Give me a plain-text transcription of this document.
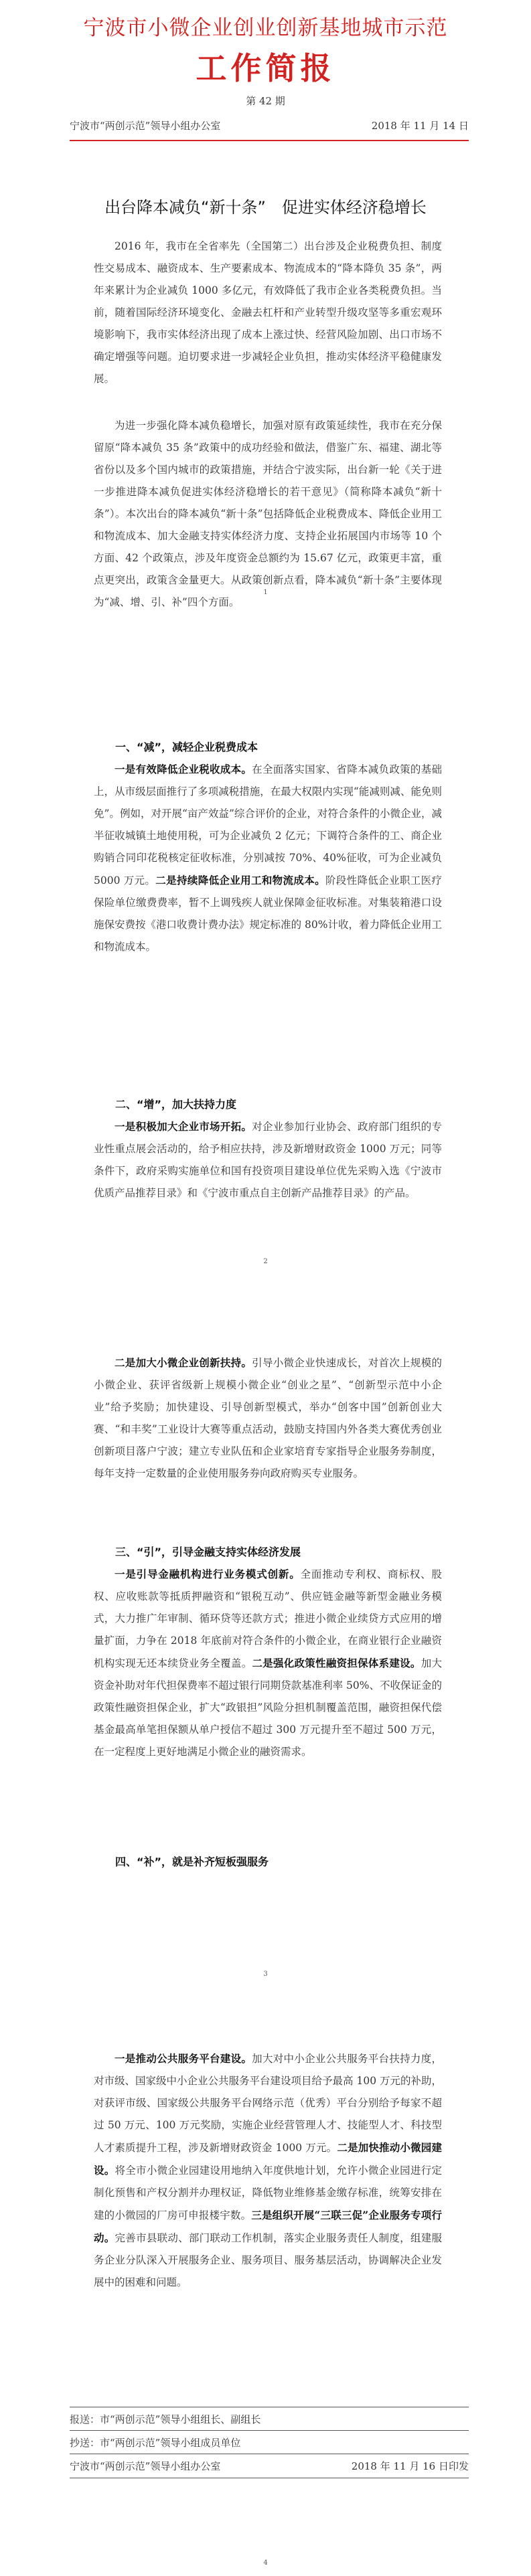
宁波市小微企业创业创新基地城市示范
工作简报
第 42 期
宁波市“两创示范”领导小组办公室	2018 年 11 月 14 日
出台降本减负“新十条”　促进实体经济稳增长

2016 年，我市在全省率先（全国第二）出台涉及企业税费负担、制度性交易成本、融资成本、生产要素成本、物流成本的“降本降负 35 条”，两年来累计为企业减负 1000 多亿元，有效降低了我市企业各类税费负担。当前，随着国际经济环境变化、金融去杠杆和产业转型升级攻坚等多重宏观环境影响下，我市实体经济出现了成本上涨过快、经营风险加剧、出口市场不确定增强等问题。迫切要求进一步减轻企业负担，推动实体经济平稳健康发展。

为进一步强化降本减负稳增长，加强对原有政策延续性，我市在充分保留原“降本减负 35 条”政策中的成功经验和做法，借鉴广东、福建、湖北等省份以及多个国内城市的政策措施，并结合宁波实际，出台新一轮《关于进一步推进降本减负促进实体经济稳增长的若干意见》（简称降本减负“新十条”）。本次出台的降本减负“新十条”包括降低企业税费成本、降低企业用工和物流成本、加大金融支持实体经济力度、支持企业拓展国内市场等 10 个方面、42 个政策点，涉及年度资金总额约为 15.67 亿元，政策更丰富，重点更突出，政策含金量更大。从政策创新点看，降本减负“新十条”主要体现为“减、增、引、补”四个方面。

1

一、“减”，减轻企业税费成本

一是有效降低企业税收成本。在全面落实国家、省降本减负政策的基础上，从市级层面推行了多项减税措施，在最大权限内实现“能减则减、能免则免”。例如，对开展“亩产效益”综合评价的企业，对符合条件的小微企业，减半征收城镇土地使用税，可为企业减负 2 亿元；下调符合条件的工、商企业购销合同印花税核定征收标准，分别减按 70%、40%征收，可为企业减负 5000 万元。二是持续降低企业用工和物流成本。阶段性降低企业职工医疗保险单位缴费费率，暂不上调残疾人就业保障金征收标准。对集装箱港口设施保安费按《港口收费计费办法》规定标准的 80%计收，着力降低企业用工和物流成本。

二、“增”，加大扶持力度

一是积极加大企业市场开拓。对企业参加行业协会、政府部门组织的专业性重点展会活动的，给予相应扶持，涉及新增财政资金 1000 万元；同等条件下，政府采购实施单位和国有投资项目建设单位优先采购入选《宁波市优质产品推荐目录》和《宁波市重点自主创新产品推荐目录》的产品。

2

二是加大小微企业创新扶持。引导小微企业快速成长，对首次上规模的小微企业、获评省级新上规模小微企业“创业之星”、“创新型示范中小企业”给予奖励；加快建设、引导创新型模式，举办“创客中国”创新创业大赛、“和丰奖”工业设计大赛等重点活动，鼓励支持国内外各类大赛优秀创业创新项目落户宁波；建立专业队伍和企业家培育专家指导企业服务券制度，每年支持一定数量的企业使用服务券向政府购买专业服务。

三、“引”，引导金融支持实体经济发展

一是引导金融机构进行业务模式创新。全面推动专利权、商标权、股权、应收账款等抵质押融资和“银税互动”、供应链金融等新型金融业务模式，大力推广年审制、循环贷等还款方式；推进小微企业续贷方式应用的增量扩面，力争在 2018 年底前对符合条件的小微企业，在商业银行企业融资机构实现无还本续贷业务全覆盖。二是强化政策性融资担保体系建设。加大资金补助对年代担保费率不超过银行同期贷款基准利率 50%、不收保证金的政策性融资担保企业，扩大“政银担”风险分担机制覆盖范围，融资担保代偿基金最高单笔担保额从单户授信不超过 300 万元提升至不超过 500 万元，在一定程度上更好地满足小微企业的融资需求。

四、“补”，就是补齐短板强服务

3

一是推动公共服务平台建设。加大对中小企业公共服务平台扶持力度，对市级、国家级中小企业公共服务平台建设项目给予最高 100 万元的补助，对获评市级、国家级公共服务平台网络示范（优秀）平台分别给予每家不超过 50 万元、100 万元奖励，实施企业经营管理人才、技能型人才、科技型人才素质提升工程，涉及新增财政资金 1000 万元。二是加快推动小微园建设。将全市小微企业园建设用地纳入年度供地计划，允许小微企业园进行定制化预售和产权分割并办理权证，降低物业维修基金缴存标准，统筹安排在建的小微园的厂房可申报楼宇数。三是组织开展“三联三促”企业服务专项行动。完善市县联动、部门联动工作机制，落实企业服务责任人制度，组建服务企业分队深入开展服务企业、服务项目、服务基层活动，协调解决企业发展中的困难和问题。

报送：市“两创示范”领导小组组长、副组长
抄送：市“两创示范”领导小组成员单位
宁波市“两创示范”领导小组办公室	2018 年 11 月 16 日印发

4
